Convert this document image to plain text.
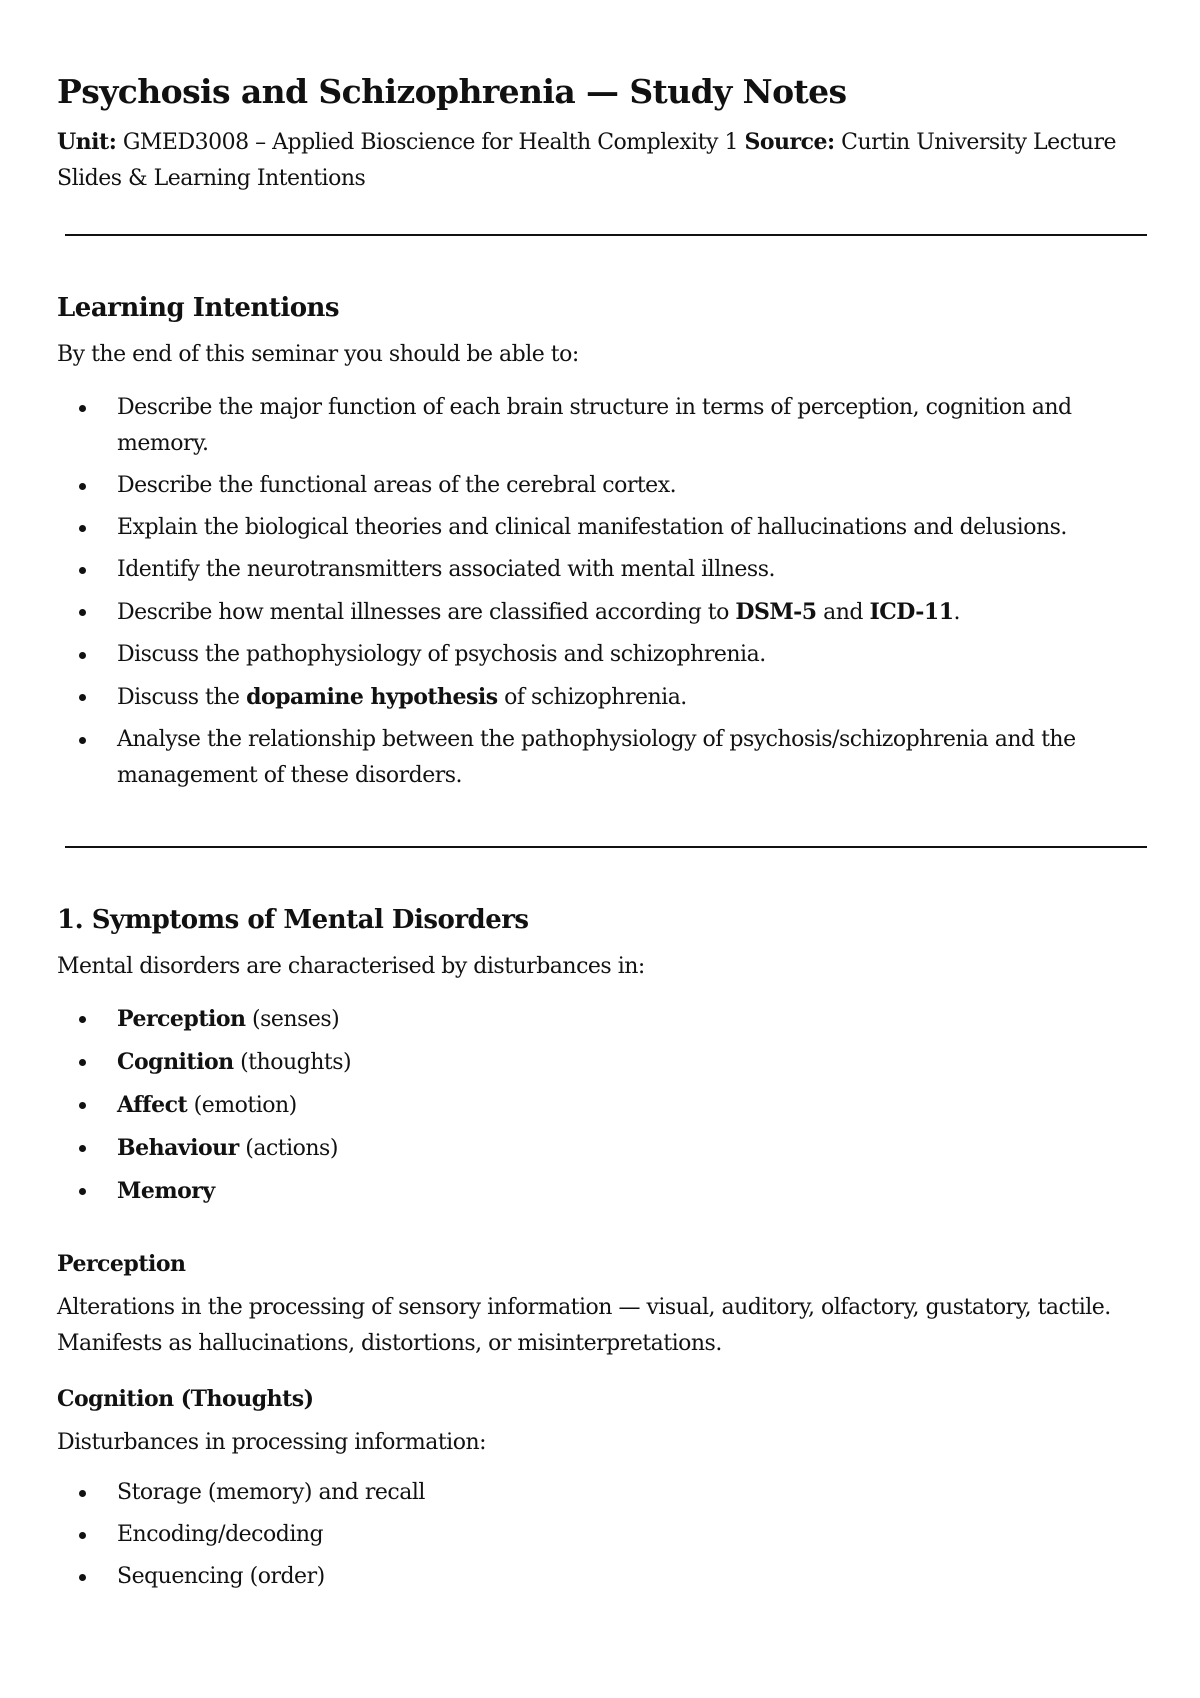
Psychosis and Schizophrenia — Study Notes

Unit: GMED3008 – Applied Bioscience for Health Complexity 1 Source: Curtin University Lecture Slides & Learning Intentions

Learning Intentions

By the end of this seminar you should be able to:

Describe the major function of each brain structure in terms of perception, cognition and memory.
Describe the functional areas of the cerebral cortex.
Explain the biological theories and clinical manifestation of hallucinations and delusions.
Identify the neurotransmitters associated with mental illness.
Describe how mental illnesses are classified according to DSM-5 and ICD-11.
Discuss the pathophysiology of psychosis and schizophrenia.
Discuss the dopamine hypothesis of schizophrenia.
Analyse the relationship between the pathophysiology of psychosis/schizophrenia and the management of these disorders.
1. Symptoms of Mental Disorders

Mental disorders are characterised by disturbances in:

Perception (senses)
Cognition (thoughts)
Affect (emotion)
Behaviour (actions)
Memory
Perception

Alterations in the processing of sensory information — visual, auditory, olfactory, gustatory, tactile. Manifests as hallucinations, distortions, or misinterpretations.

Cognition (Thoughts)

Disturbances in processing information:

Storage (memory) and recall
Encoding/decoding
Sequencing (order)
